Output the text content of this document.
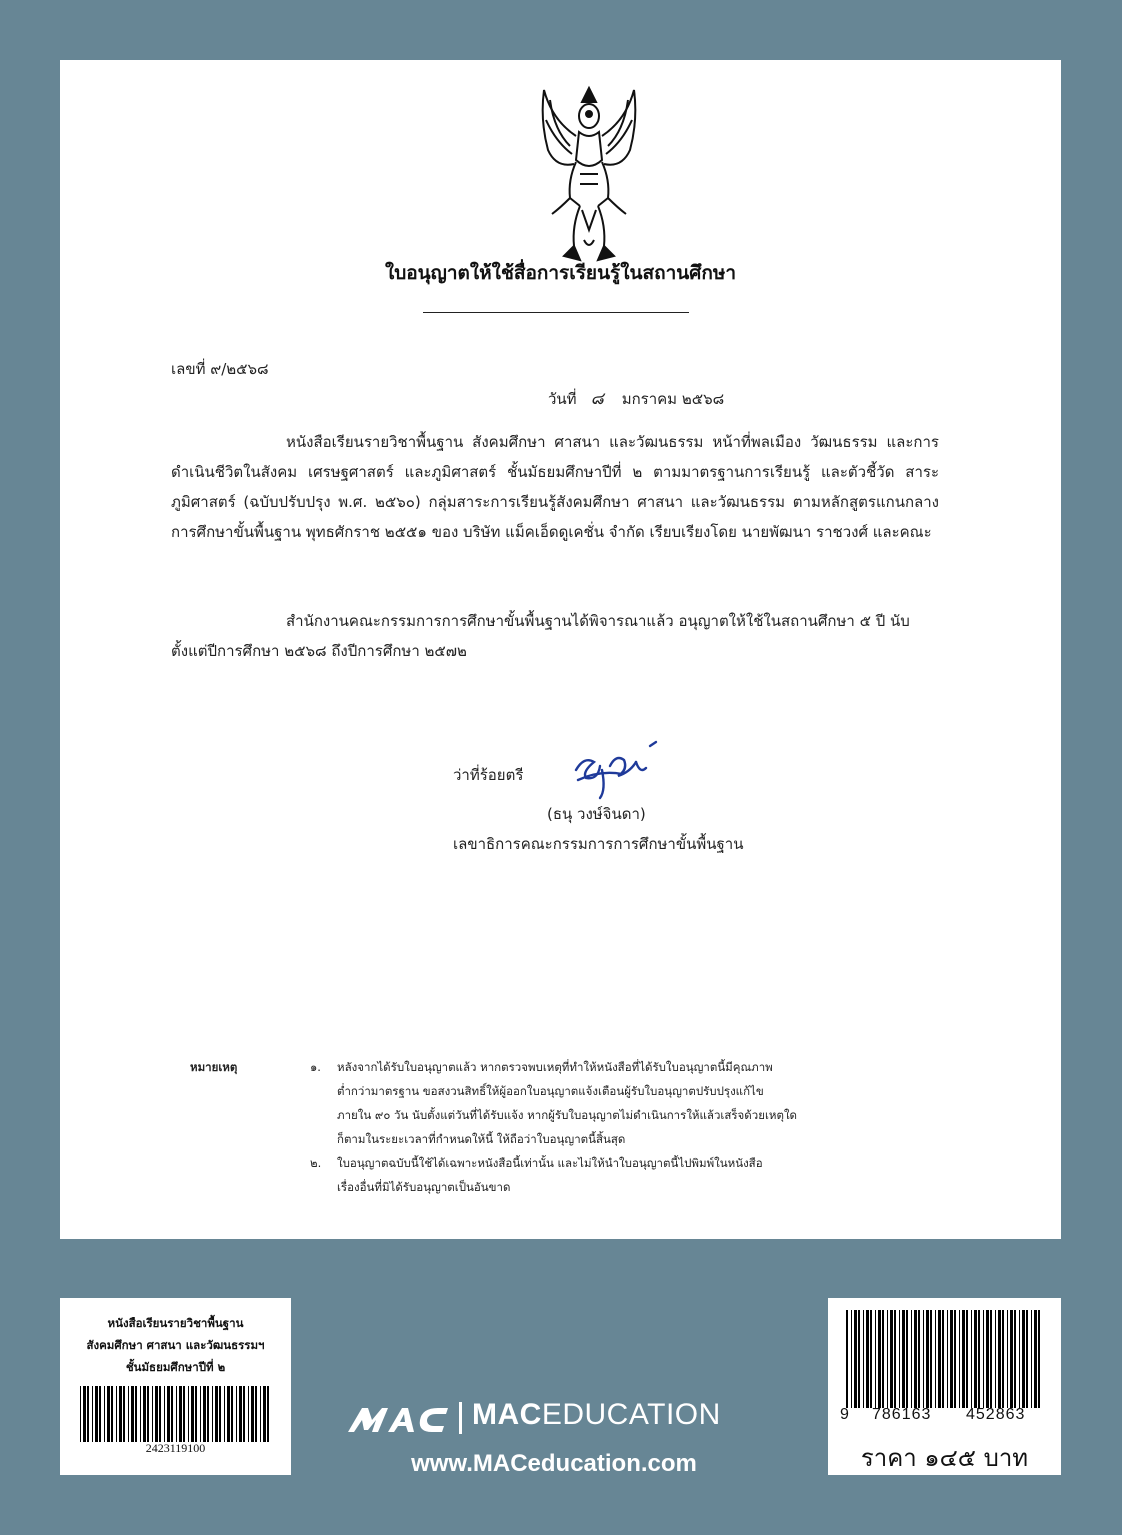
ใบอนุญาตให้ใช้สื่อการเรียนรู้ในสถานศึกษา
เลขที่ ๙/๒๕๖๘
วันที่ ๘ มกราคม ๒๕๖๘
หนังสือเรียนรายวิชาพื้นฐาน สังคมศึกษา ศาสนา และวัฒนธรรม หน้าที่พลเมือง วัฒนธรรม และการดำเนินชีวิตในสังคม เศรษฐศาสตร์ และภูมิศาสตร์ ชั้นมัธยมศึกษาปีที่ ๒ ตามมาตรฐานการเรียนรู้ และตัวชี้วัด สาระภูมิศาสตร์ (ฉบับปรับปรุง พ.ศ. ๒๕๖๐) กลุ่มสาระการเรียนรู้สังคมศึกษา ศาสนา และวัฒนธรรม ตามหลักสูตรแกนกลางการศึกษาขั้นพื้นฐาน พุทธศักราช ๒๕๕๑ ของ บริษัท แม็คเอ็ดดูเคชั่น จำกัด เรียบเรียงโดย นายพัฒนา ราชวงศ์ และคณะ
สำนักงานคณะกรรมการการศึกษาขั้นพื้นฐานได้พิจารณาแล้ว อนุญาตให้ใช้ในสถานศึกษา ๕ ปี นับตั้งแต่ปีการศึกษา ๒๕๖๘ ถึงปีการศึกษา ๒๕๗๒
ว่าที่ร้อยตรี
(ธนุ วงษ์จินดา)
เลขาธิการคณะกรรมการการศึกษาขั้นพื้นฐาน
หมายเหตุ	๑. หลังจากได้รับใบอนุญาตแล้ว หากตรวจพบเหตุที่ทำให้หนังสือที่ได้รับใบอนุญาตนี้มีคุณภาพ
ต่ำกว่ามาตรฐาน ขอสงวนสิทธิ์ให้ผู้ออกใบอนุญาตแจ้งเตือนผู้รับใบอนุญาตปรับปรุงแก้ไข
ภายใน ๙๐ วัน นับตั้งแต่วันที่ได้รับแจ้ง หากผู้รับใบอนุญาตไม่ดำเนินการให้แล้วเสร็จด้วยเหตุใด
ก็ตามในระยะเวลาที่กำหนดให้นี้ ให้ถือว่าใบอนุญาตนี้สิ้นสุด
๒. ใบอนุญาตฉบับนี้ใช้ได้เฉพาะหนังสือนี้เท่านั้น และไม่ให้นำใบอนุญาตนี้ไปพิมพ์ในหนังสือ
เรื่องอื่นที่มิได้รับอนุญาตเป็นอันขาด
หนังสือเรียนรายวิชาพื้นฐาน
สังคมศึกษา ศาสนา และวัฒนธรรมฯ
ชั้นมัธยมศึกษาปีที่ ๒
2423119100
MACEDUCATION
www.MACeducation.com
9 786163 452863
ราคา ๑๔๕ บาท
